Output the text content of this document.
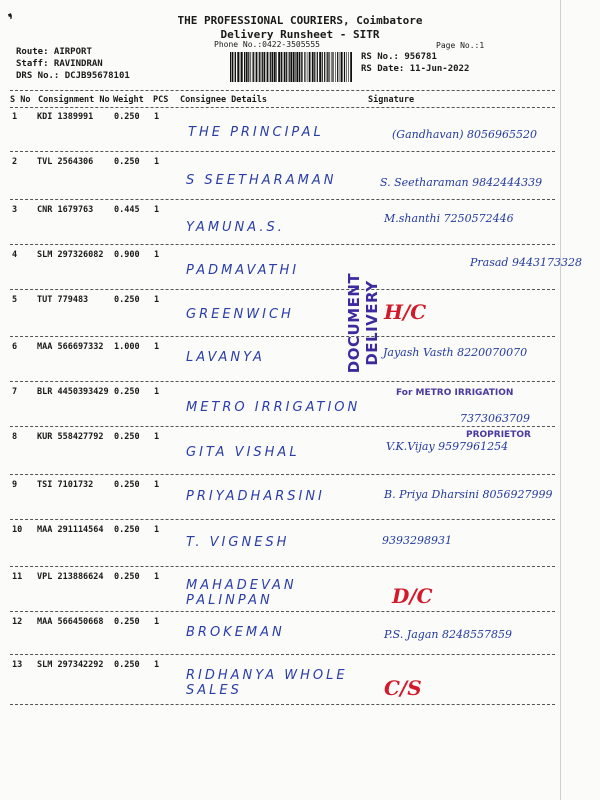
❜	THE PROFESSIONAL COURIERS, Coimbatore
Delivery Runsheet - SITR
Phone No.:0422-3505555	Page No.:1
RS No.: 956781
RS Date: 11-Jun-2022
Route: AIRPORT
Staff: RAVINDRAN
DRS No.: DCJB95678101
S No Consignment No Weight PCS Consignee Details	Signature
1 KDI 1389991 0.250 1
THE PRINCIPAL	(Gandhavan) 8056965520
2 TVL 2564306 0.250 1
S SEETHARAMAN	S. Seetharaman 9842444339
3 CNR 1679763 0.445 1
YAMUNA.S.
M.shanthi 7250572446
4 SLM 297326082 0.900 1
PADMAVATHI
Prasad 9443173328
5 TUT 779483	0.250 1
GREENWICH	H/C
6 MAA 566697332 1.000 1
LAVANYA	Jayash Vasth 8220070070
7 BLR 4450393429 0.250 1
METRO IRRIGATION
7373063709
8 KUR 558427792 0.250 1
GITA VISHAL	V.K.Vijay 9597961254
9 TSI 7101732 0.250 1
PRIYADHARSINI	B. Priya Dharsini 8056927999
10 MAA 291114564 0.250 1
T. VIGNESH	9393298931
11 VPL 213886624 0.250 1
MAHADEVAN PALINPAN	D/C
12 MAA 566450668 0.250 1
BROKEMAN	P.S. Jagan 8248557859
13 SLM 297342292 0.250 1
RIDHANYA WHOLE SALES	C/S
DOCUMENT DELIVERY
For METRO IRRIGATION
PROPRIETOR
